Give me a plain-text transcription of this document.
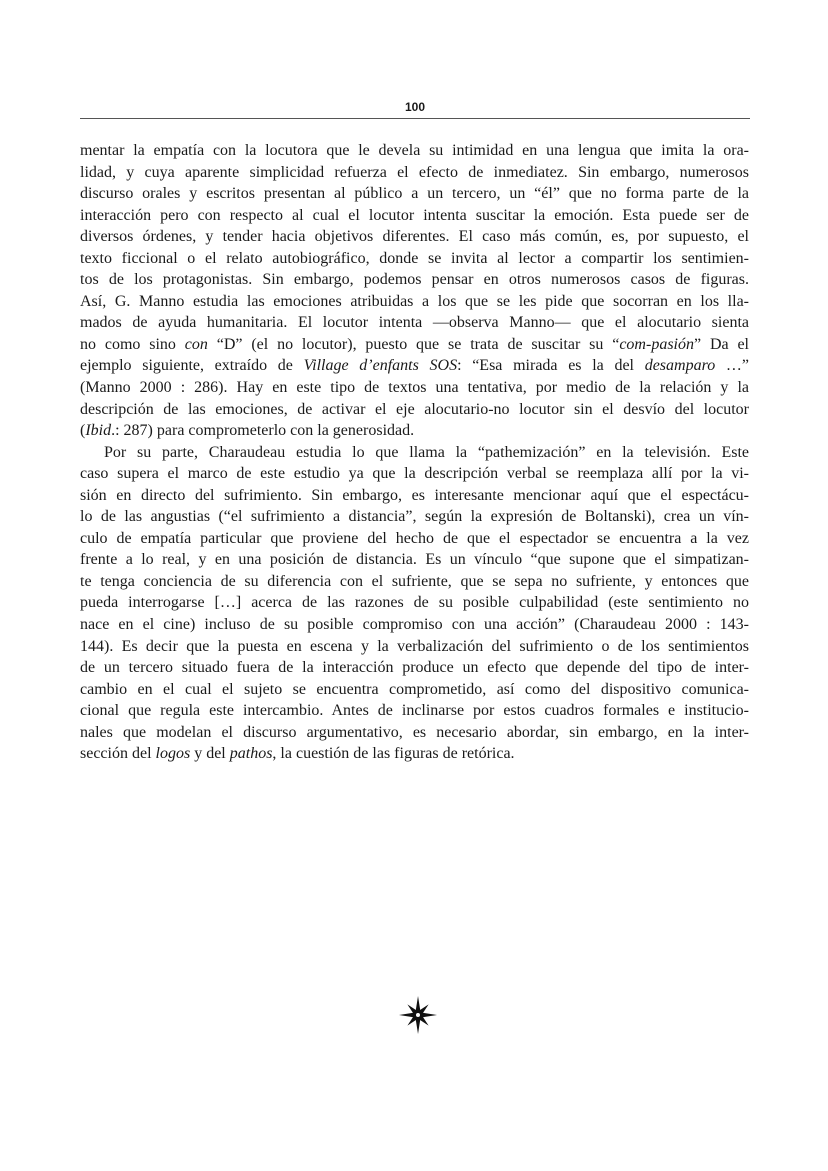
100
mentar la empatía con la locutora que le devela su intimidad en una lengua que imita la ora-
lidad, y cuya aparente simplicidad refuerza el efecto de inmediatez. Sin embargo, numerosos
discurso orales y escritos presentan al público a un tercero, un “él” que no forma parte de la
interacción pero con respecto al cual el locutor intenta suscitar la emoción. Esta puede ser de
diversos órdenes, y tender hacia objetivos diferentes. El caso más común, es, por supuesto, el
texto ficcional o el relato autobiográfico, donde se invita al lector a compartir los sentimien-
tos de los protagonistas. Sin embargo, podemos pensar en otros numerosos casos de figuras.
Así, G. Manno estudia las emociones atribuidas a los que se les pide que socorran en los lla-
mados de ayuda humanitaria. El locutor intenta —observa Manno— que el alocutario sienta
no como sino con “D” (el no locutor), puesto que se trata de suscitar su “com-pasión” Da el
ejemplo siguiente, extraído de Village d’enfants SOS: “Esa mirada es la del desamparo …”
(Manno 2000 : 286). Hay en este tipo de textos una tentativa, por medio de la relación y la
descripción de las emociones, de activar el eje alocutario-no locutor sin el desvío del locutor
(Ibid.: 287) para comprometerlo con la generosidad.
Por su parte, Charaudeau estudia lo que llama la “pathemización” en la televisión. Este
caso supera el marco de este estudio ya que la descripción verbal se reemplaza allí por la vi-
sión en directo del sufrimiento. Sin embargo, es interesante mencionar aquí que el espectácu-
lo de las angustias (“el sufrimiento a distancia”, según la expresión de Boltanski), crea un vín-
culo de empatía particular que proviene del hecho de que el espectador se encuentra a la vez
frente a lo real, y en una posición de distancia. Es un vínculo “que supone que el simpatizan-
te tenga conciencia de su diferencia con el sufriente, que se sepa no sufriente, y entonces que
pueda interrogarse […] acerca de las razones de su posible culpabilidad (este sentimiento no
nace en el cine) incluso de su posible compromiso con una acción” (Charaudeau 2000 : 143-
144). Es decir que la puesta en escena y la verbalización del sufrimiento o de los sentimientos
de un tercero situado fuera de la interacción produce un efecto que depende del tipo de inter-
cambio en el cual el sujeto se encuentra comprometido, así como del dispositivo comunica-
cional que regula este intercambio. Antes de inclinarse por estos cuadros formales e institucio-
nales que modelan el discurso argumentativo, es necesario abordar, sin embargo, en la inter-
sección del logos y del pathos, la cuestión de las figuras de retórica.
